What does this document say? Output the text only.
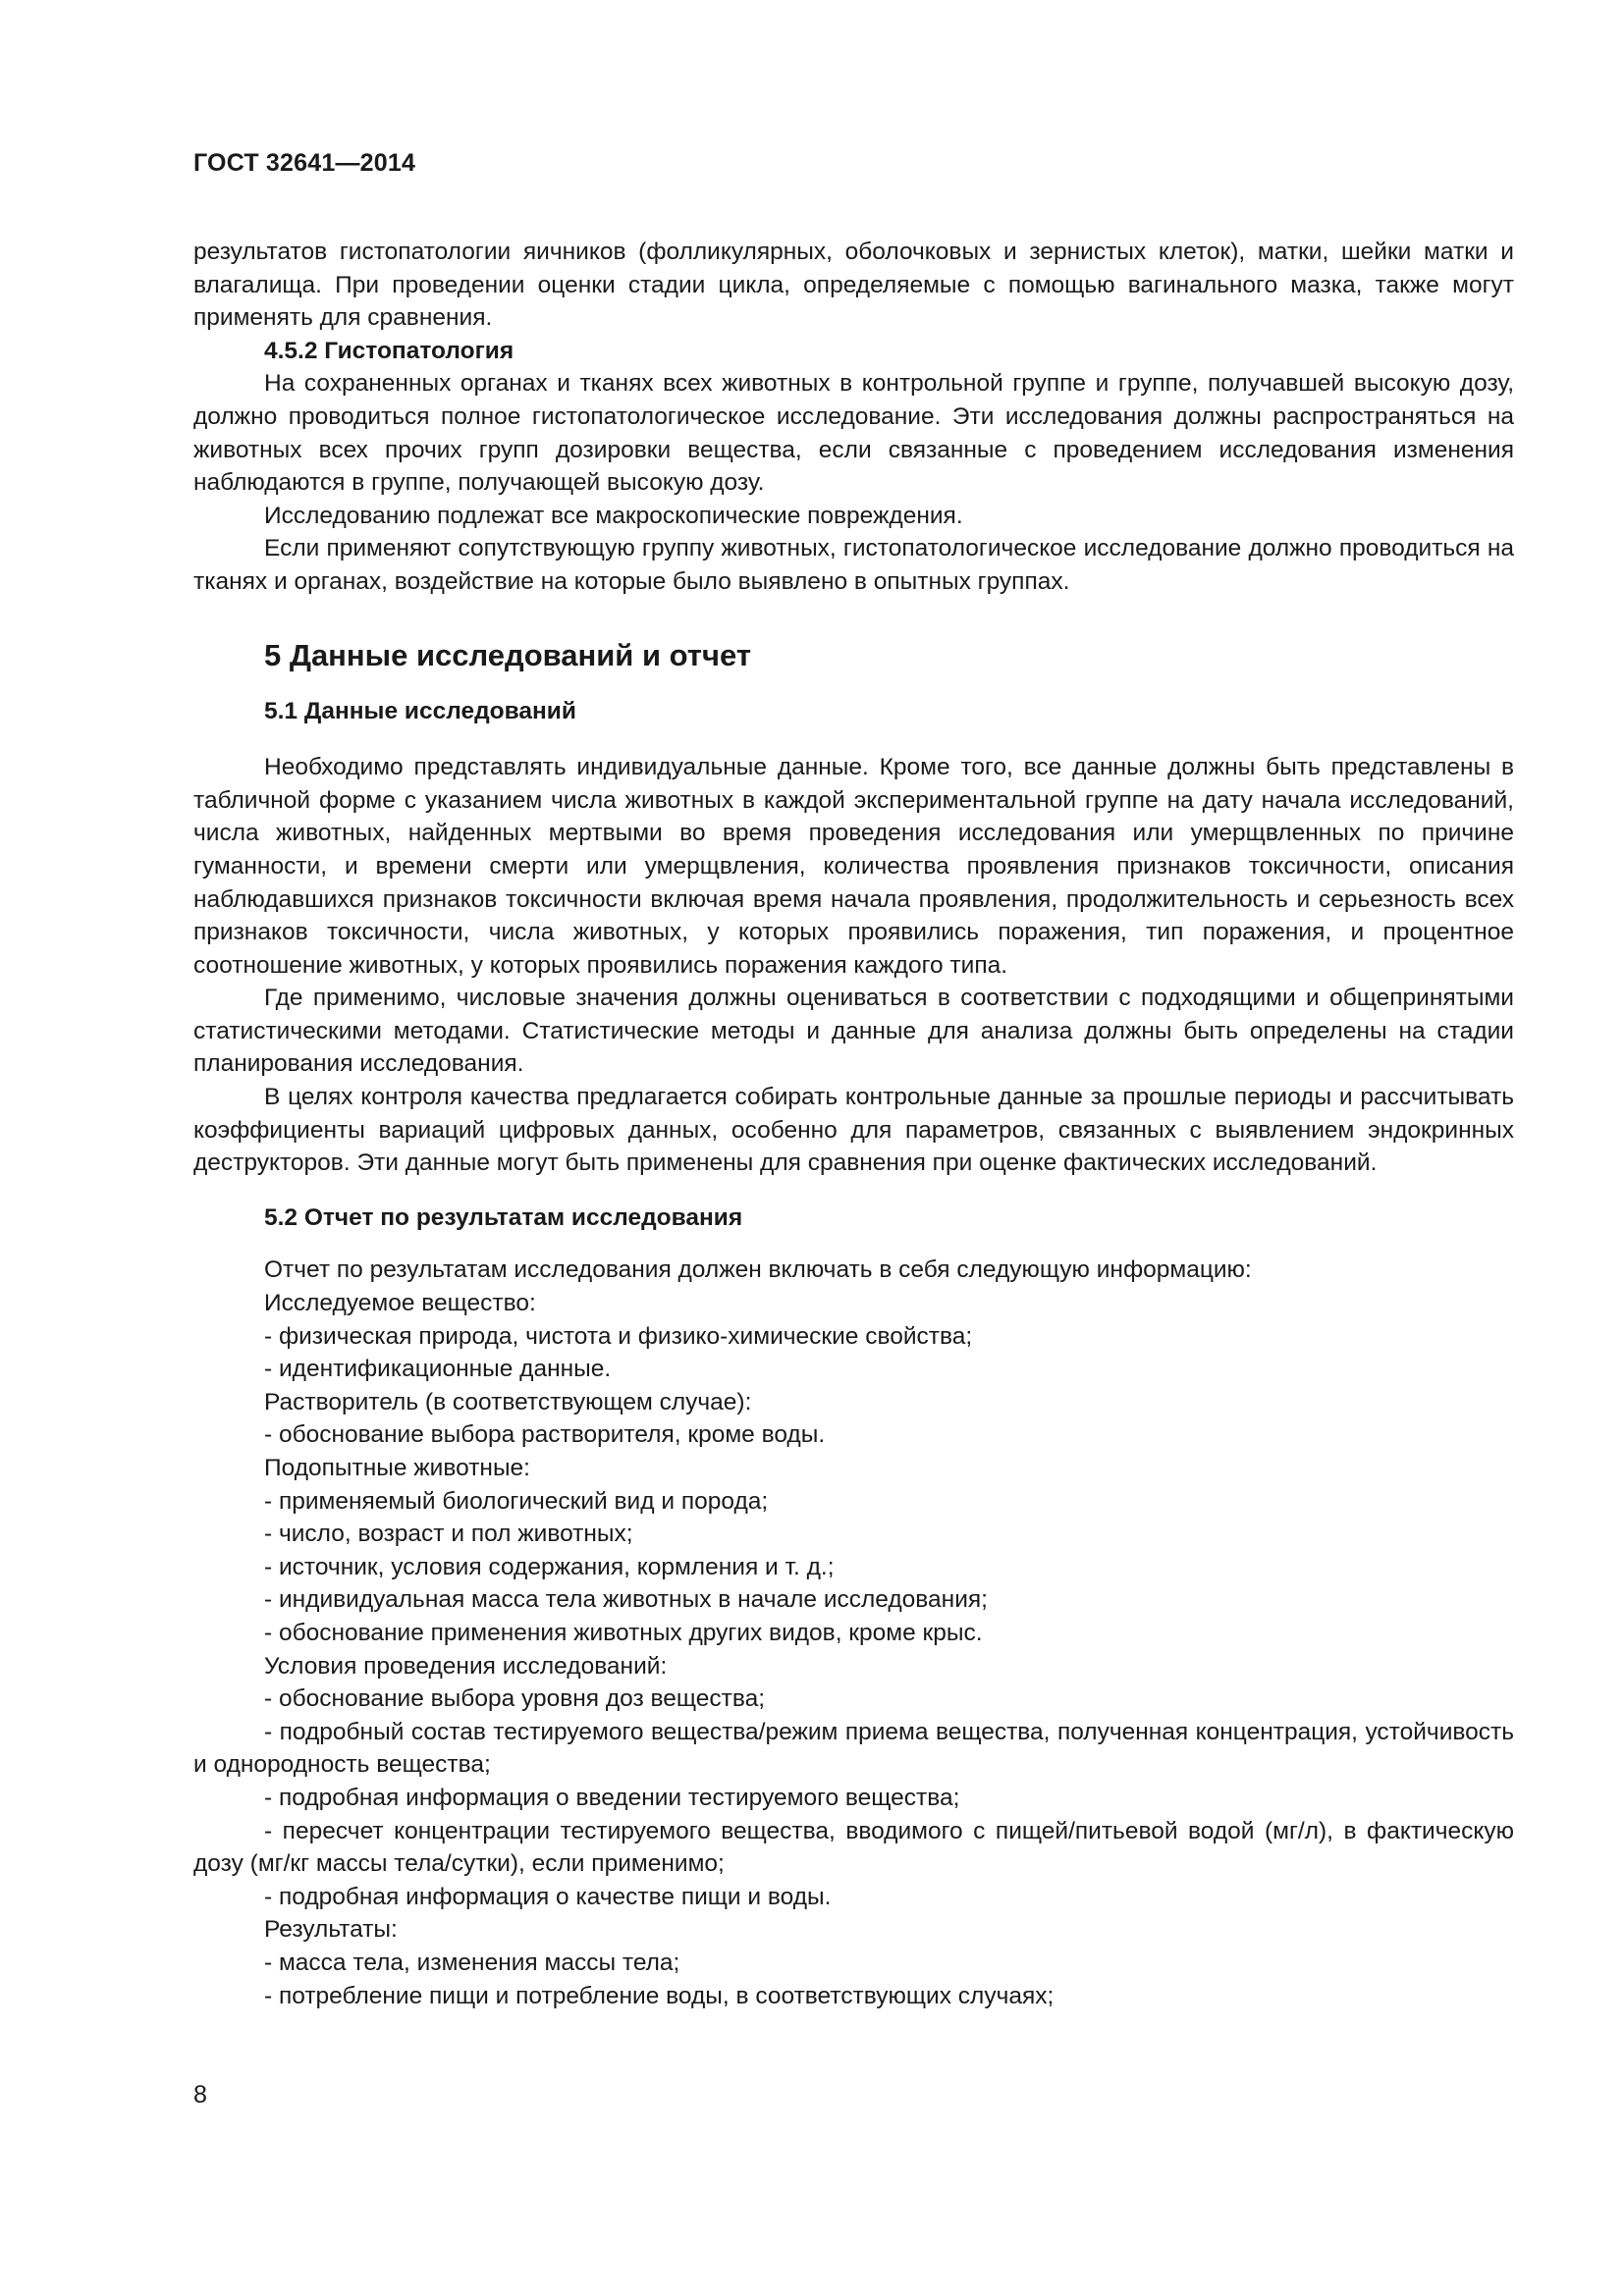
ГОСТ 32641—2014

результатов гистопатологии яичников (фолликулярных, оболочковых и зернистых клеток), матки, шейки матки и влагалища. При проведении оценки стадии цикла, определяемые с помощью вагинального мазка, также могут применять для сравнения.

4.5.2 Гистопатология

На сохраненных органах и тканях всех животных в контрольной группе и группе, получавшей высокую дозу, должно проводиться полное гистопатологическое исследование. Эти исследования должны распространяться на животных всех прочих групп дозировки вещества, если связанные с проведением исследования изменения наблюдаются в группе, получающей высокую дозу.

Исследованию подлежат все макроскопические повреждения.

Если применяют сопутствующую группу животных, гистопатологическое исследование должно проводиться на тканях и органах, воздействие на которые было выявлено в опытных группах.

5 Данные исследований и отчет
5.1 Данные исследований

Необходимо представлять индивидуальные данные. Кроме того, все данные должны быть представлены в табличной форме с указанием числа животных в каждой экспериментальной группе на дату начала исследований, числа животных, найденных мертвыми во время проведения исследования или умерщвленных по причине гуманности, и времени смерти или умерщвления, количества проявления признаков токсичности, описания наблюдавшихся признаков токсичности включая время начала проявления, продолжительность и серьезность всех признаков токсичности, числа животных, у которых проявились поражения, тип поражения, и процентное соотношение животных, у которых проявились поражения каждого типа.

Где применимо, числовые значения должны оцениваться в соответствии с подходящими и общепринятыми статистическими методами. Статистические методы и данные для анализа должны быть определены на стадии планирования исследования.

В целях контроля качества предлагается собирать контрольные данные за прошлые периоды и рассчитывать коэффициенты вариаций цифровых данных, особенно для параметров, связанных с выявлением эндокринных деструкторов. Эти данные могут быть применены для сравнения при оценке фактических исследований.

5.2 Отчет по результатам исследования
Отчет по результатам исследования должен включать в себя следующую информацию:
Исследуемое вещество:
- физическая природа, чистота и физико-химические свойства;
- идентификационные данные.
Растворитель (в соответствующем случае):
- обоснование выбора растворителя, кроме воды.
Подопытные животные:
- применяемый биологический вид и порода;
- число, возраст и пол животных;
- источник, условия содержания, кормления и т. д.;
- индивидуальная масса тела животных в начале исследования;
- обоснование применения животных других видов, кроме крыс.
Условия проведения исследований:
- обоснование выбора уровня доз вещества;

- подробный состав тестируемого вещества/режим приема вещества, полученная концентрация, устойчивость и однородность вещества;

- подробная информация о введении тестируемого вещества;

- пересчет концентрации тестируемого вещества, вводимого с пищей/питьевой водой (мг/л), в фактическую дозу (мг/кг массы тела/сутки), если применимо;

- подробная информация о качестве пищи и воды.
Результаты:
- масса тела, изменения массы тела;
- потребление пищи и потребление воды, в соответствующих случаях;
8
